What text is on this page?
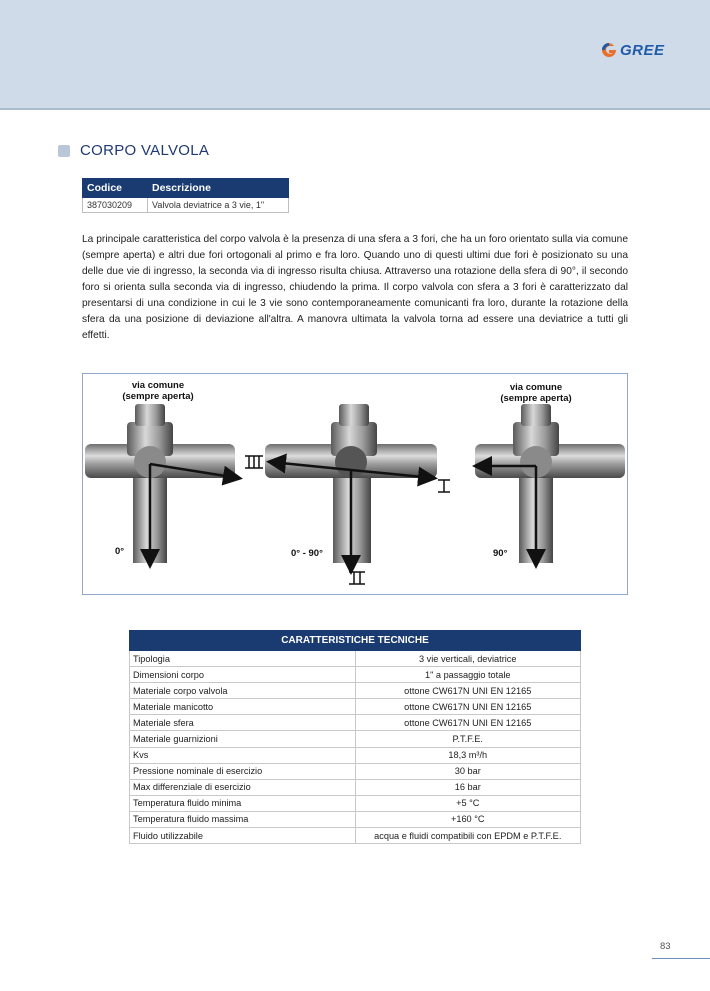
GREE
CORPO VALVOLA
Codice	Descrizione
387030209	Valvola deviatrice a 3 vie, 1"

La principale caratteristica del corpo valvola è la presenza di una sfera a 3 fori, che ha un foro orientato sulla via comune (sempre aperta) e altri due fori ortogonali al primo e fra loro. Quando uno di questi ultimi due fori è posizionato su una delle due vie di ingresso, la seconda via di ingresso risulta chiusa. Attraverso una rotazione della sfera di 90°, il secondo foro si orienta sulla seconda via di ingresso, chiudendo la prima. Il corpo valvola con sfera a 3 fori è caratterizzato dal presentarsi di una condizione in cui le 3 vie sono contemporaneamente comunicanti fra loro, durante la rotazione della sfera da una posizione di deviazione all'altra. A manovra ultimata la valvola torna ad essere una deviatrice a tutti gli effetti.

via comune
(sempre aperta)
via comune
(sempre aperta)
0°	0° - 90°	90°
CARATTERISTICHE TECNICHE	
Tipologia	3 vie verticali, deviatrice
Dimensioni corpo	1" a passaggio totale
Materiale corpo valvola	ottone CW617N UNI EN 12165
Materiale manicotto	ottone CW617N UNI EN 12165
Materiale sfera	ottone CW617N UNI EN 12165
Materiale guarnizioni	P.T.F.E.
Kvs	18,3 m³/h
Pressione nominale di esercizio	30 bar
Max differenziale di esercizio	16 bar
Temperatura fluido minima	+5 °C
Temperatura fluido massima	+160 °C
Fluido utilizzabile	acqua e fluidi compatibili con EPDM e P.T.F.E.
83
